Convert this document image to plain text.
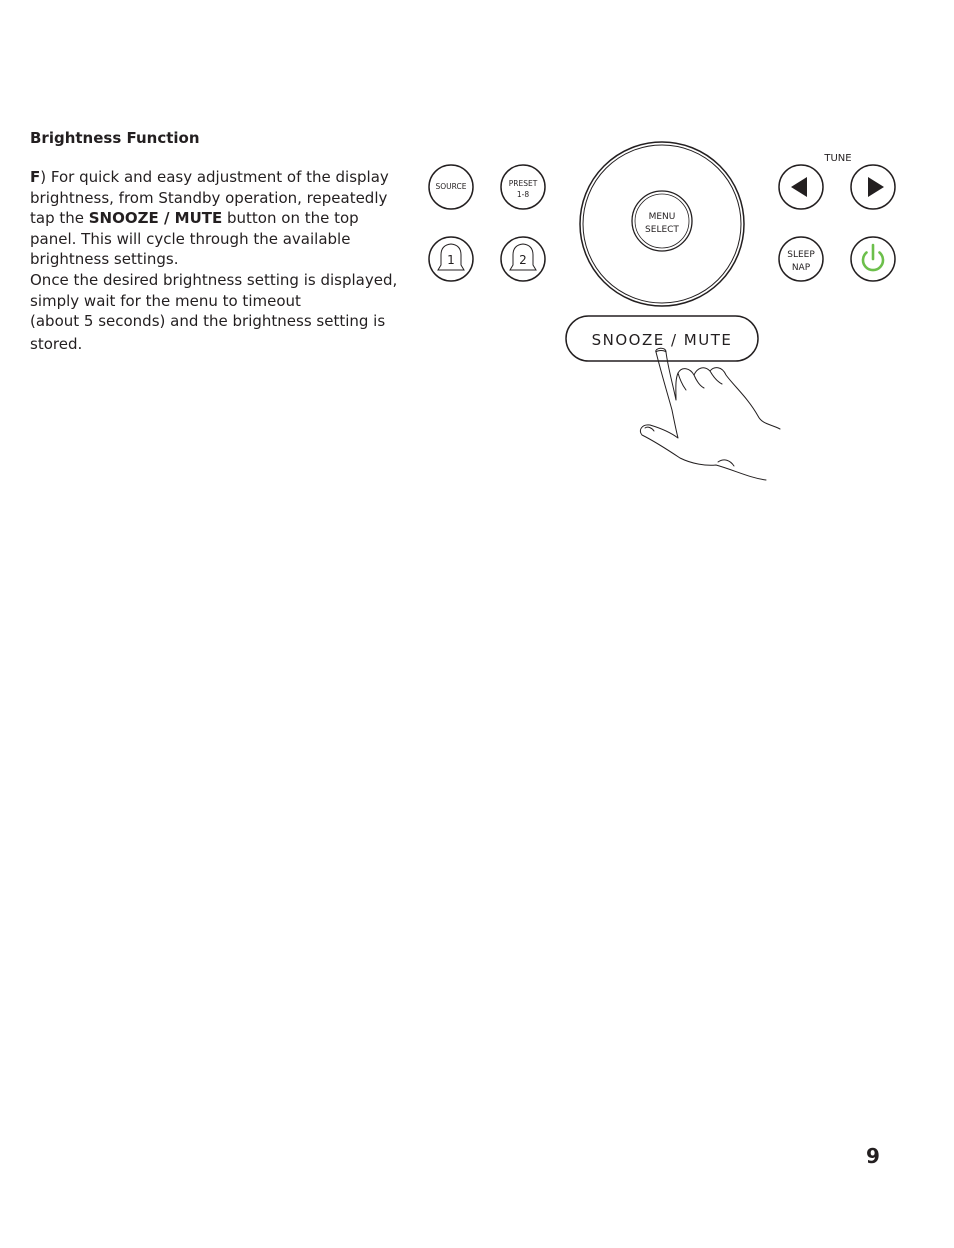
Brightness Function

F) For quick and easy adjustment of the display brightness, from Standby operation, repeatedly tap the SNOOZE / MUTE button on the top panel. This will cycle through the available brightness settings.

Once the desired brightness setting is displayed,
simply wait for the menu to timeout
(about 5 seconds) and the brightness setting is

stored.

SOURCE	PRESET
1-8
MENU
SELECT
TUNE
1	2	SLEEP
NAP
SNOOZE / MUTE
9
